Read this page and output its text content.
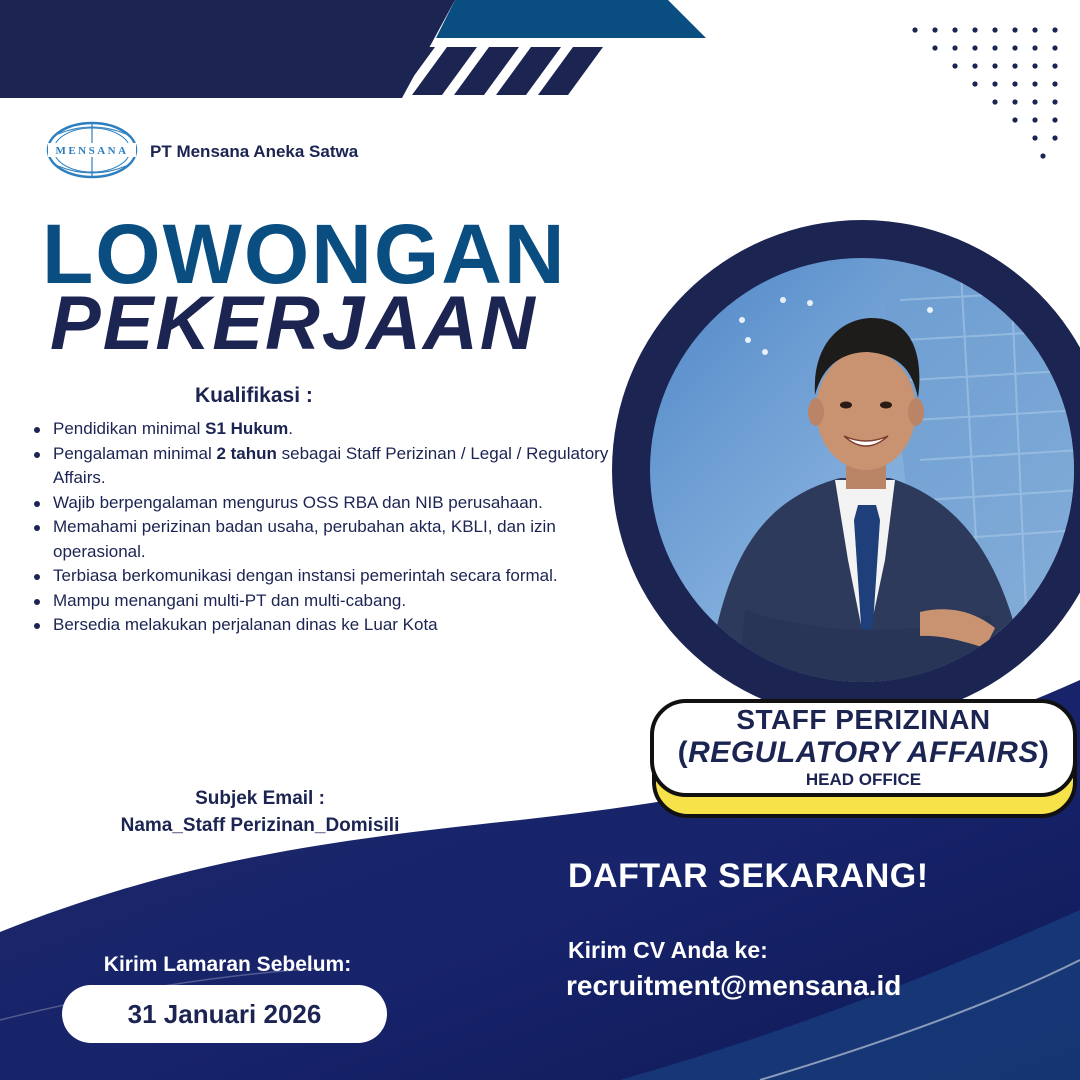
MENSANA PT Mensana Aneka Satwa
LOWONGAN
PEKERJAAN
Kualifikasi :
Pendidikan minimal S1 Hukum.
Pengalaman minimal 2 tahun sebagai Staff Perizinan / Legal / Regulatory Affairs.
Wajib berpengalaman mengurus OSS RBA dan NIB perusahaan.
Memahami perizinan badan usaha, perubahan akta, KBLI, dan izin operasional.
Terbiasa berkomunikasi dengan instansi pemerintah secara formal.
Mampu menangani multi-PT dan multi-cabang.
Bersedia melakukan perjalanan dinas ke Luar Kota
Subjek Email :
Nama_Staff Perizinan_Domisili
STAFF PERIZINAN
(REGULATORY AFFAIRS)
HEAD OFFICE
DAFTAR SEKARANG!
Kirim CV Anda ke:
recruitment@mensana.id
Kirim Lamaran Sebelum:
31 Januari 2026
